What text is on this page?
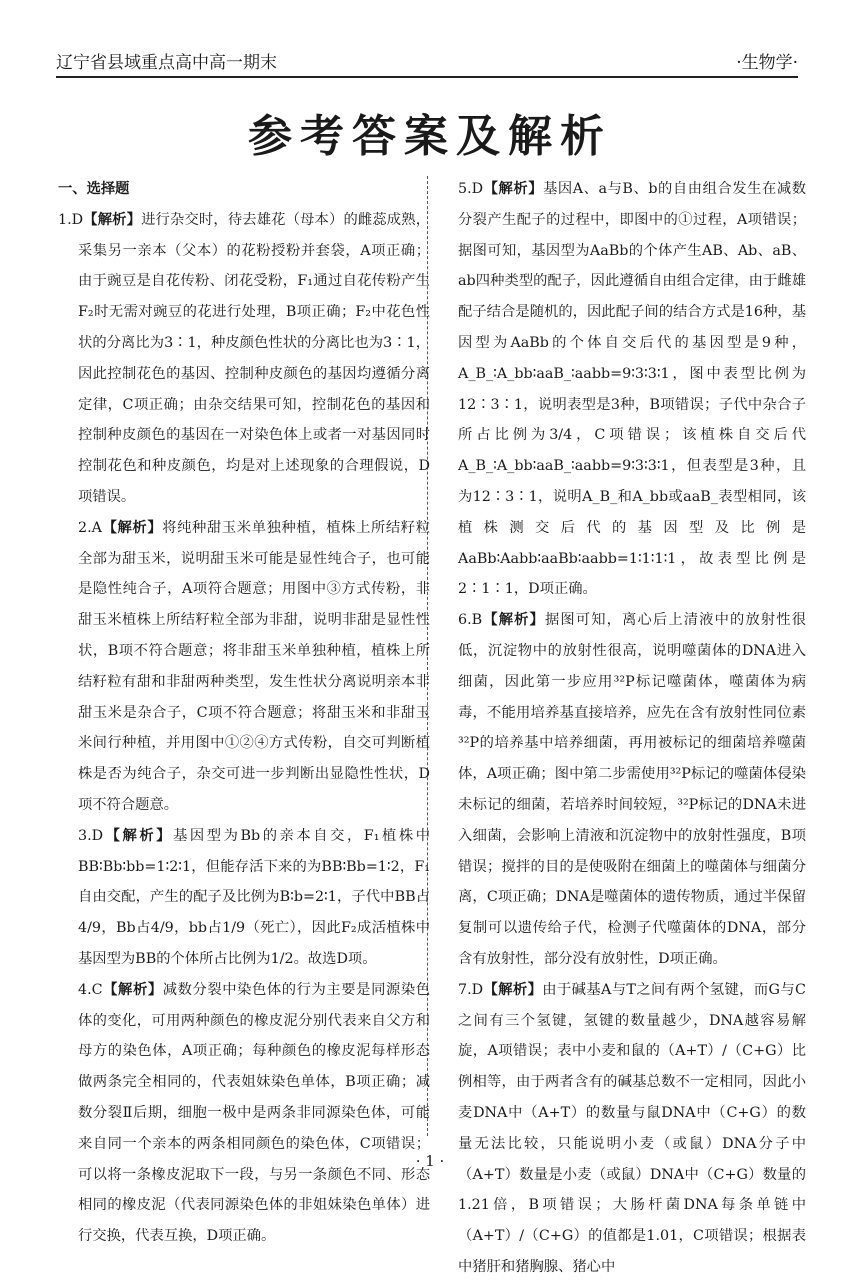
辽宁省县域重点高中高一期末	·生物学·
参考答案及解析

一、选择题

1.D【解析】进行杂交时，待去雄花（母本）的雌蕊成熟，采集另一亲本（父本）的花粉授粉并套袋，A项正确；由于豌豆是自花传粉、闭花受粉，F₁通过自花传粉产生F₂时无需对豌豆的花进行处理，B项正确；F₂中花色性状的分离比为3∶1，种皮颜色性状的分离比也为3∶1，因此控制花色的基因、控制种皮颜色的基因均遵循分离定律，C项正确；由杂交结果可知，控制花色的基因和控制种皮颜色的基因在一对染色体上或者一对基因同时控制花色和种皮颜色，均是对上述现象的合理假说，D项错误。
2.A【解析】将纯种甜玉米单独种植，植株上所结籽粒全部为甜玉米，说明甜玉米可能是显性纯合子，也可能是隐性纯合子，A项符合题意；用图中③方式传粉，非甜玉米植株上所结籽粒全部为非甜，说明非甜是显性性状，B项不符合题意；将非甜玉米单独种植，植株上所结籽粒有甜和非甜两种类型，发生性状分离说明亲本非甜玉米是杂合子，C项不符合题意；将甜玉米和非甜玉米间行种植，并用图中①②④方式传粉，自交可判断植株是否为纯合子，杂交可进一步判断出显隐性性状，D项不符合题意。
3.D【解析】基因型为Bb的亲本自交，F₁植株中BB∶Bb∶bb=1∶2∶1，但能存活下来的为BB∶Bb=1∶2，F₁自由交配，产生的配子及比例为B∶b=2∶1，子代中BB占4/9，Bb占4/9，bb占1/9（死亡），因此F₂成活植株中基因型为BB的个体所占比例为1/2。故选D项。
4.C【解析】减数分裂中染色体的行为主要是同源染色体的变化，可用两种颜色的橡皮泥分别代表来自父方和母方的染色体，A项正确；每种颜色的橡皮泥每样形态做两条完全相同的，代表姐妹染色单体，B项正确；减数分裂Ⅱ后期，细胞一极中是两条非同源染色体，可能来自同一个亲本的两条相同颜色的染色体，C项错误；可以将一条橡皮泥取下一段，与另一条颜色不同、形态相同的橡皮泥（代表同源染色体的非姐妹染色单体）进行交换，代表互换，D项正确。
5.D【解析】基因A、a与B、b的自由组合发生在减数分裂产生配子的过程中，即图中的①过程，A项错误；据图可知，基因型为AaBb的个体产生AB、Ab、aB、ab四种类型的配子，因此遵循自由组合定律，由于雌雄配子结合是随机的，因此配子间的结合方式是16种，基因型为AaBb的个体自交后代的基因型是9种，A_B_∶A_bb∶aaB_∶aabb=9∶3∶3∶1，图中表型比例为12∶3∶1，说明表型是3种，B项错误；子代中杂合子所占比例为3/4，C项错误；该植株自交后代A_B_∶A_bb∶aaB_∶aabb=9∶3∶3∶1，但表型是3种，且为12∶3∶1，说明A_B_和A_bb或aaB_表型相同，该植株测交后代的基因型及比例是AaBb∶Aabb∶aaBb∶aabb=1∶1∶1∶1，故表型比例是2∶1∶1，D项正确。
6.B【解析】据图可知，离心后上清液中的放射性很低，沉淀物中的放射性很高，说明噬菌体的DNA进入细菌，因此第一步应用³²P标记噬菌体，噬菌体为病毒，不能用培养基直接培养，应先在含有放射性同位素³²P的培养基中培养细菌，再用被标记的细菌培养噬菌体，A项正确；图中第二步需使用³²P标记的噬菌体侵染未标记的细菌，若培养时间较短，³²P标记的DNA未进入细菌，会影响上清液和沉淀物中的放射性强度，B项错误；搅拌的目的是使吸附在细菌上的噬菌体与细菌分离，C项正确；DNA是噬菌体的遗传物质，通过半保留复制可以遗传给子代，检测子代噬菌体的DNA，部分含有放射性，部分没有放射性，D项正确。
7.D【解析】由于碱基A与T之间有两个氢键，而G与C之间有三个氢键，氢键的数量越少，DNA越容易解旋，A项错误；表中小麦和鼠的（A+T）/（C+G）比例相等，由于两者含有的碱基总数不一定相同，因此小麦DNA中（A+T）的数量与鼠DNA中（C+G）的数量无法比较，只能说明小麦（或鼠）DNA分子中（A+T）数量是小麦（或鼠）DNA中（C+G）数量的1.21倍，B项错误；大肠杆菌DNA每条单链中（A+T）/（C+G）的值都是1.01，C项错误；根据表中猪肝和猪胸腺、猪心中
· 1 ·
